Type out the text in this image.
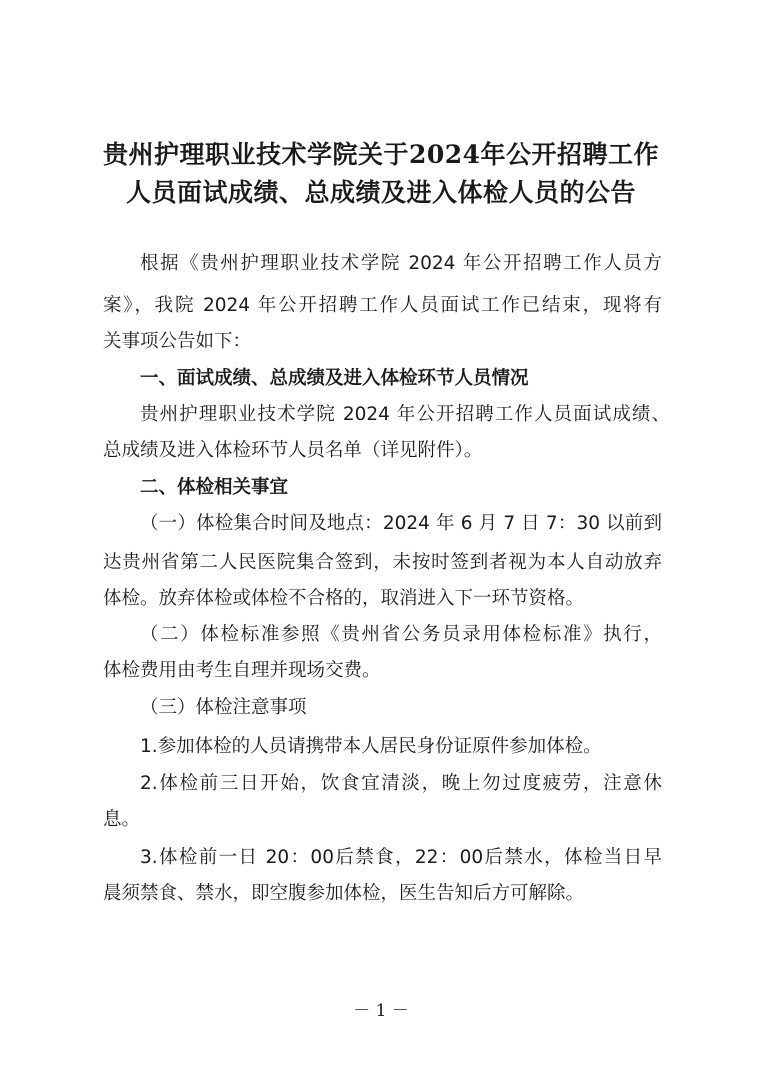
贵州护理职业技术学院关于2024年公开招聘工作
人员面试成绩、总成绩及进入体检人员的公告

根据《贵州护理职业技术学院 2024 年公开招聘工作人员方

案》，我院 2024 年公开招聘工作人员面试工作已结束，现将有

关事项公告如下：

一、面试成绩、总成绩及进入体检环节人员情况

贵州护理职业技术学院 2024 年公开招聘工作人员面试成绩、

总成绩及进入体检环节人员名单（详见附件）。

二、体检相关事宜

（一）体检集合时间及地点：2024 年 6 月 7 日 7：30 以前到

达贵州省第二人民医院集合签到，未按时签到者视为本人自动放弃

体检。放弃体检或体检不合格的，取消进入下一环节资格。

（二）体检标准参照《贵州省公务员录用体检标准》执行，

体检费用由考生自理并现场交费。

（三）体检注意事项

1.参加体检的人员请携带本人居民身份证原件参加体检。

2.体检前三日开始，饮食宜清淡，晚上勿过度疲劳，注意休

息。

3.体检前一日 20：00后禁食，22：00后禁水，体检当日早

晨须禁食、禁水，即空腹参加体检，医生告知后方可解除。

－ 1 －
